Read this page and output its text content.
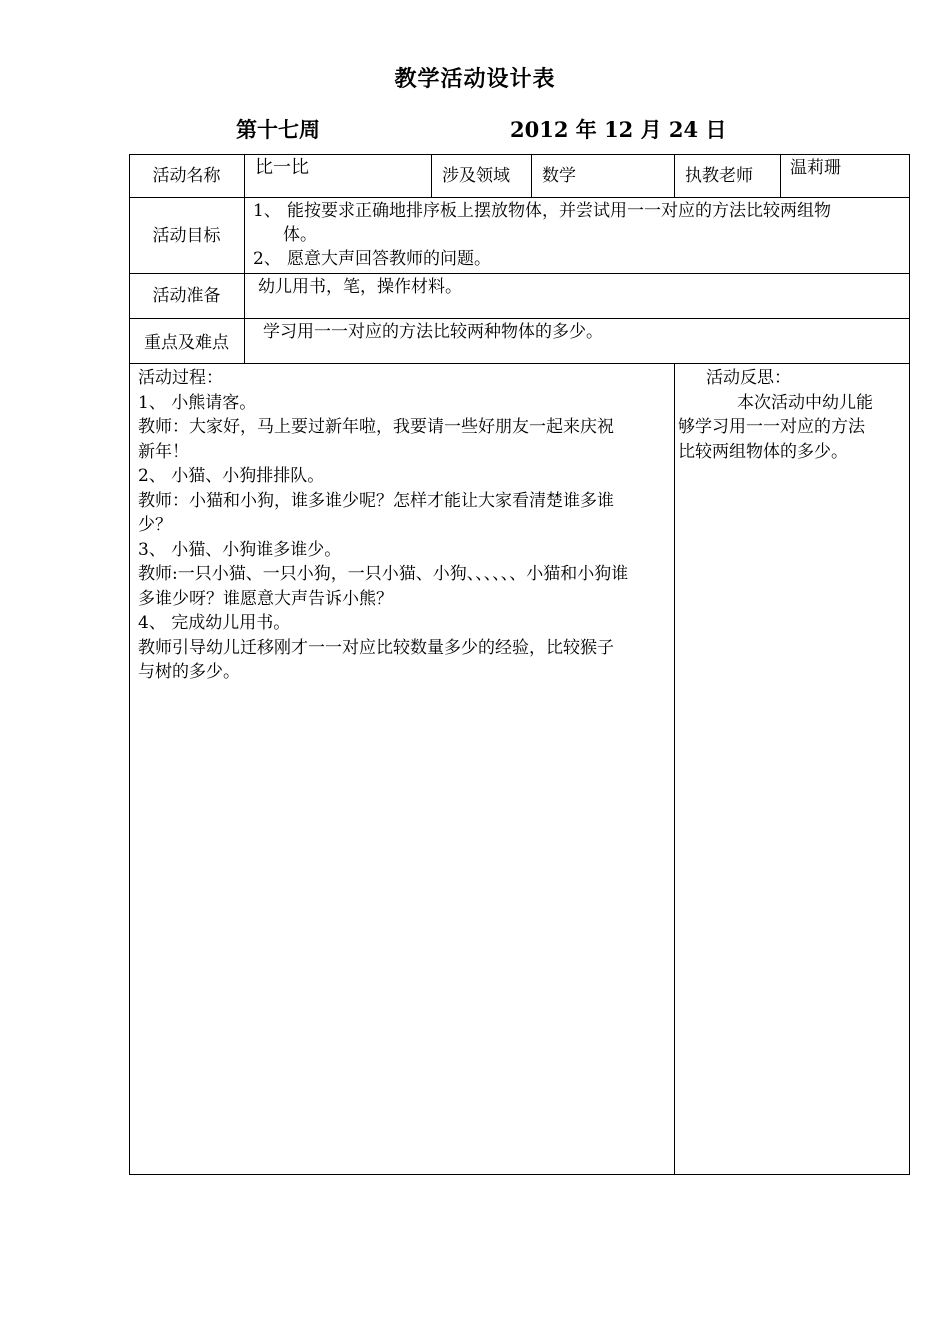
教学活动设计表
第十七周	2012 年 12 月 24 日
活动名称 比一比	涉及领域 数学	执教老师 温莉珊
活动目标
1、 能按要求正确地排序板上摆放物体，并尝试用一一对应的方法比较两组物
体。
2、 愿意大声回答教师的问题。
活动准备 幼儿用书，笔，操作材料。
重点及难点
学习用一一对应的方法比较两种物体的多少。

活动过程：

1、 小熊请客。

教师：大家好，马上要过新年啦，我要请一些好朋友一起来庆祝

新年！

2、 小猫、小狗排排队。

教师：小猫和小狗，谁多谁少呢？怎样才能让大家看清楚谁多谁

少？

3、 小猫、小狗谁多谁少。

教师:一只小猫、一只小狗，一只小猫、小狗、、、、、、小猫和小狗谁

多谁少呀？谁愿意大声告诉小熊？

4、 完成幼儿用书。

教师引导幼儿迁移刚才一一对应比较数量多少的经验，比较猴子

与树的多少。

活动反思：

本次活动中幼儿能

够学习用一一对应的方法

比较两组物体的多少。
